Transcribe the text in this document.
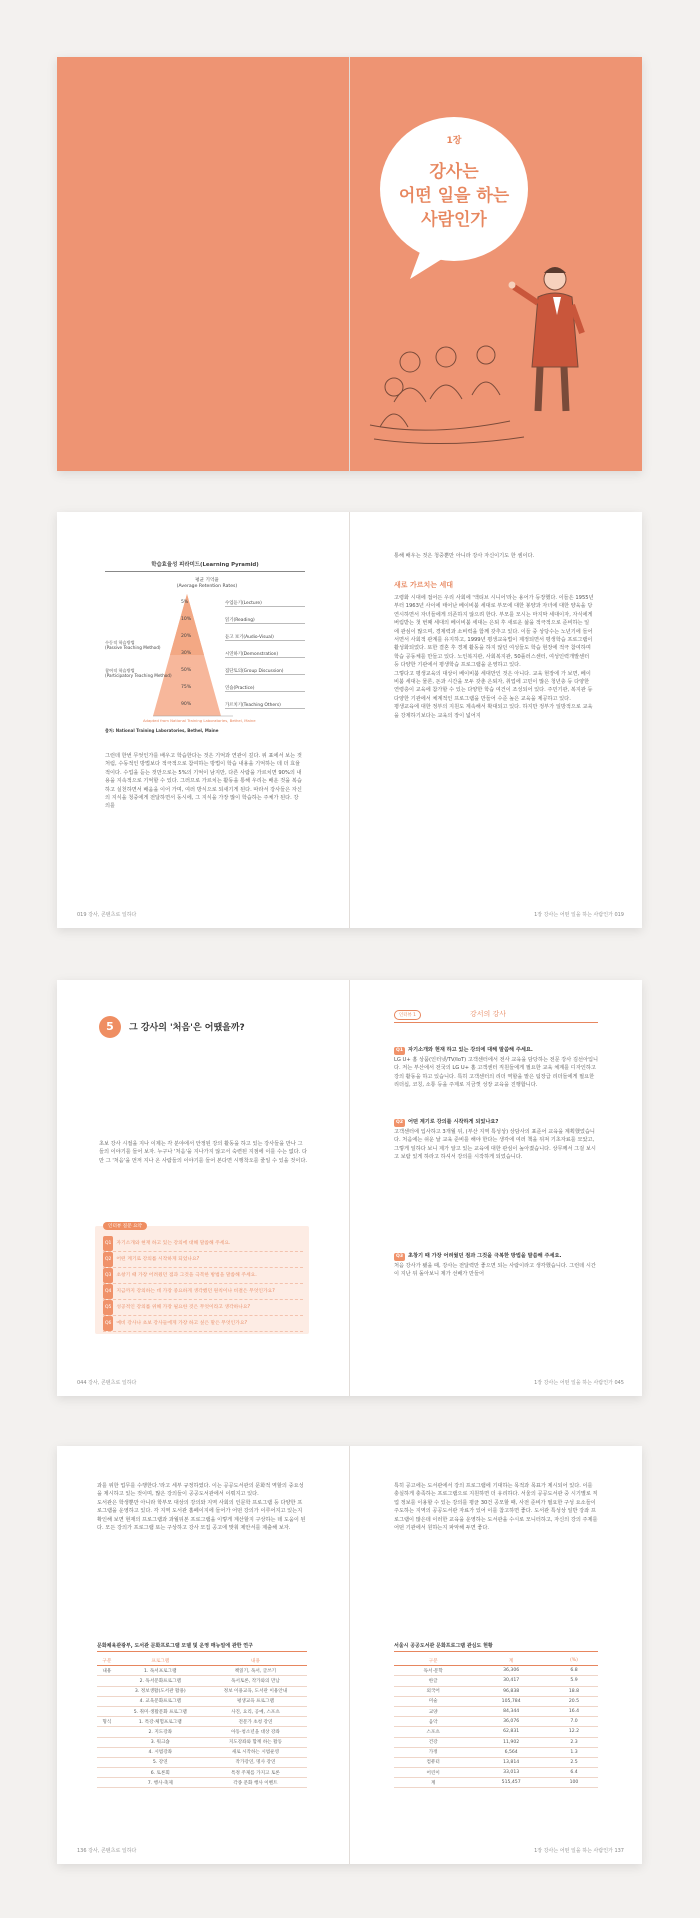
1장
강사는
어떤 일을 하는
사람인가
학습효율성 피라미드(Learning Pyramid)
평균 기억율
(Average Retention Rates)
5%	수업듣기(Lecture)
10%	읽기(Reading)
20%	듣고 보기(Audio-Visual)
30%	시연하기(Demonstration)
50%	집단토의(Group Discussion)
75%	연습(Practice)
90%	가르치기(Teaching Others)
수동적 학습방법
(Passive Teaching Method)
참여적 학습방법
(Participatory Teaching Method)
Adapted from National Training Laboratories, Bethel, Maine
출처: National Training Laboratories, Bethel, Maine
그런데 한번 무엇인가를 배우고 학습한다는 것은 기억과 연관이 깊다. 위 표에서 보는 것처럼, 수동적인 방법보다 적극적으로 참여하는 방법이 학습 내용을 기억하는 데 더 효율적이다. 수업을 듣는 것만으로는 5%의 기억이 남지만, 다른 사람을 가르치면 90%의 내용을 지속적으로 기억할 수 있다. 그러므로 가르치는 활동을 통해 우리는 배운 것을 복습하고 실천하면서 배움을 이어 가며, 여러 방식으로 되새기게 된다. 따라서 강사들은 자신의 지식을 청중에게 전달하면서 동시에, 그 지식을 가장 많이 학습하는 주체가 된다. 강의를
019 강사, 콘텐츠로 일하다
통해 배우는 것은 청중뿐만 아니라 강사 자신이기도 한 셈이다.
새로 가르치는 세대
고령화 시대에 접어든 우리 사회에 '액티브 시니어'라는 용어가 등장했다. 이들은 1955년부터 1963년 사이에 태어난 베이비붐 세대로 부모에 대한 봉양과 자녀에 대한 양육을 당연시하면서 자녀들에게 의존하지 않으려 한다. 부모를 모시는 마지막 세대이자, 자식에게 버림받는 첫 번째 세대의 베이비붐 세대는 은퇴 후 새로운 삶을 적극적으로 준비하는 일에 관심이 많으며, 경제력과 소비력을 함께 갖추고 있다. 이들 중 상당수는 노년기에 들어서면서 사회적 관계를 유지하고, 1999년 평생교육법이 제정되면서 평생학습 프로그램이 활성화되었다. 또한 결혼 후 경제 활동을 하지 않던 여성들도 학습 현장에 적극 참여하며 학습 공동체를 만들고 있다. 노인복지관, 사회복지관, 50플러스센터, 여성인력개발센터 등 다양한 기관에서 평생학습 프로그램을 운영하고 있다.
그렇다고 평생교육의 대상이 베이비붐 세대만인 것은 아니다. 교육 현장에 가 보면, 베이비붐 세대는 물론, 돈과 시간을 모두 갖춘 은퇴자, 취업에 고민이 많은 청년층 등 다양한 연령층이 교육에 참가할 수 있는 다양한 학습 여건이 조성되어 있다. 주민기관, 복지관 등 다양한 기관에서 체계적인 프로그램을 만들어 수준 높은 교육을 제공하고 있다.
평생교육에 대한 정부의 지원도 계속해서 확대되고 있다. 하지만 정부가 일방적으로 교육을 강제하기보다는 교육의 장이 넓어지
1장 강사는 어떤 일을 하는 사람인가 019
5	그 강사의 '처음'은 어땠을까?
초보 강사 시절을 지나 이제는 각 분야에서 안정된 강의 활동을 하고 있는 강사들을 만나 그들의 이야기를 들어 보자. 누구나 '처음'을 지나가지 않고서 숙련된 지점에 이를 수는 없다. 다만 그 '처음'을 먼저 지나 온 사람들의 이야기를 들어 본다면 시행착오를 줄일 수 있을 것이다.
인터뷰 질문 요약
Q1 자기소개와 현재 하고 있는 강의에 대해 말씀해 주세요.
Q2 어떤 계기로 강의를 시작하게 되었나요?
Q3 초창기 때 가장 어려웠던 점과 그것을 극복한 방법을 말씀해 주세요.
Q4 지금까지 강의하는 데 가장 중요하게 생각했던 원칙이나 비결은 무엇인가요?
Q5 성공적인 강의를 위해 가장 필요한 것은 무엇이라고 생각하나요?
Q6 예비 강사나 초보 강사들에게 가장 하고 싶은 말은 무엇인가요?
044 강사, 콘텐츠로 일하다
인터뷰 1	강서의 강사
Q1 자기소개와 현재 하고 있는 강의에 대해 말씀해 주세요.
LG U+ 홈 상품(인터넷/TV/IoT) 고객센터에서 전사 교육을 담당하는 전문 강사 김선아입니다. 저는 부산에서 전국의 LG U+ 홈 고객센터 직원들에게 필요한 교육 체계를 디자인하고 강의 활동을 하고 있습니다. 특히 고객센터의 리더 역할을 맡은 팀장급 리더들에게 필요한 리더십, 코칭, 소통 등을 주제로 지금껏 성장 교육을 진행합니다.
Q2 어떤 계기로 강의를 시작하게 되었나요?
고객센터에 입사하고 3개월 뒤, (부산 지역 특성상) 상담사의 표준어 교육을 계획했었습니다. 처음에는 쉬운 날 교육 준비를 해야 한다는 생각에 여러 책을 뒤져 기초자료를 모았고, 그렇게 일하다 보니 제가 알고 있는 교육에 대한 관심이 높아졌습니다. 상무께서 그걸 보시고 보람 있게 하라고 하셔서 강의를 시작하게 되었습니다.
Q3 초창기 때 가장 어려웠던 점과 그것을 극복한 방법을 말씀해 주세요.
처음 강사가 됐을 때, 강사는 전달력만 좋으면 되는 사람이라고 생각했습니다. 그런데 시간이 지난 뒤 돌아보니 제가 선배가 만들어
1장 강사는 어떤 일을 하는 사람인가 045
과를 위한 업무를 수행한다.'라고 세부 규정하였다. 이는 공공도서관의 문화적 역할의 중요성을 제시하고 있는 것이며, 많은 강의들이 공공도서관에서 이뤄지고 있다.
도서관은 학생뿐만 아니라 학부모 대상의 강의와 지역 사회의 인문학 프로그램 등 다양한 프로그램을 운영하고 있다. 각 지역 도서관 홈페이지에 들어가 어떤 강의가 이루어지고 있는지 확인해 보면 현재의 프로그램과 과월뒤본 프로그램을 이렇게 계산할지 구상하는 데 도움이 된다. 모든 강의가 프로그램 또는 구상하고 강사 모집 공고에 맞춰 제안서를 제출해 보자.
문화체육관광부, 도서관 문화프로그램 모델 및 운영 매뉴얼에 관한 연구
구분	프로그램	내용
내용	1. 독서프로그램	책읽기, 독서, 글쓰기
	2. 독서문화프로그램	독서토론, 작가와의 만남
	3. 정보생활(도서관 활용)	정보 이용교육, 도서관 이용안내
	4. 교육문화프로그램	평생교육 프로그램
	5. 취미·생활문화 프로그램	사진, 요리, 공예, 스포츠
형식	1. 특강·체험프로그램	전문가 초청 강연
	2. 지도강좌	아동·청소년을 대상 강좌
	3. 워크숍	지도강좌와 함께 하는 활동
	4. 시범강좌	새로 시작하는 시범운영
	5. 강연	작가강연, 명사 강연
	6. 토론회	특정 주제를 가지고 토론
	7. 행사·축제	각종 문화 행사 이벤트
136 강사, 콘텐츠로 일하다
특히 공고에는 도서관에서 강의 프로그램에 기대하는 목적과 목표가 제시되어 있다. 이를 충실하게 충족하는 프로그램으로 지원하면 더 유리하다. 서울의 공공도서관 중 시기별로 직업 정보를 이용할 수 있는 강의를 평균 30건 공모할 때, 사전 준비가 필요한 구성 요소들이 주도하는 지역의 공공도서관 자료가 있어 이를 참고하면 좋다. 도서관 특성상 일반 강좌 프로그램이 많은데 이러한 교육을 운영하는 도서관을 수시로 모니터하고, 자신의 강의 주제를 어떤 기관에서 원하는지 파악해 두면 좋다.
서울시 공공도서관 문화프로그램 관심도 현황
구분	계	(%)
독서·문학	36,306	6.8
한글	30,417	5.9
외국어	96,838	18.8
미술	105,784	20.5
교양	84,344	16.4
음악	36,076	7.0
스포츠	62,831	12.2
건강	11,902	2.3
가정	6,564	1.3
컴퓨터	13,814	2.5
어린이	33,013	6.4
계	515,457	100
1장 강사는 어떤 일을 하는 사람인가 137
